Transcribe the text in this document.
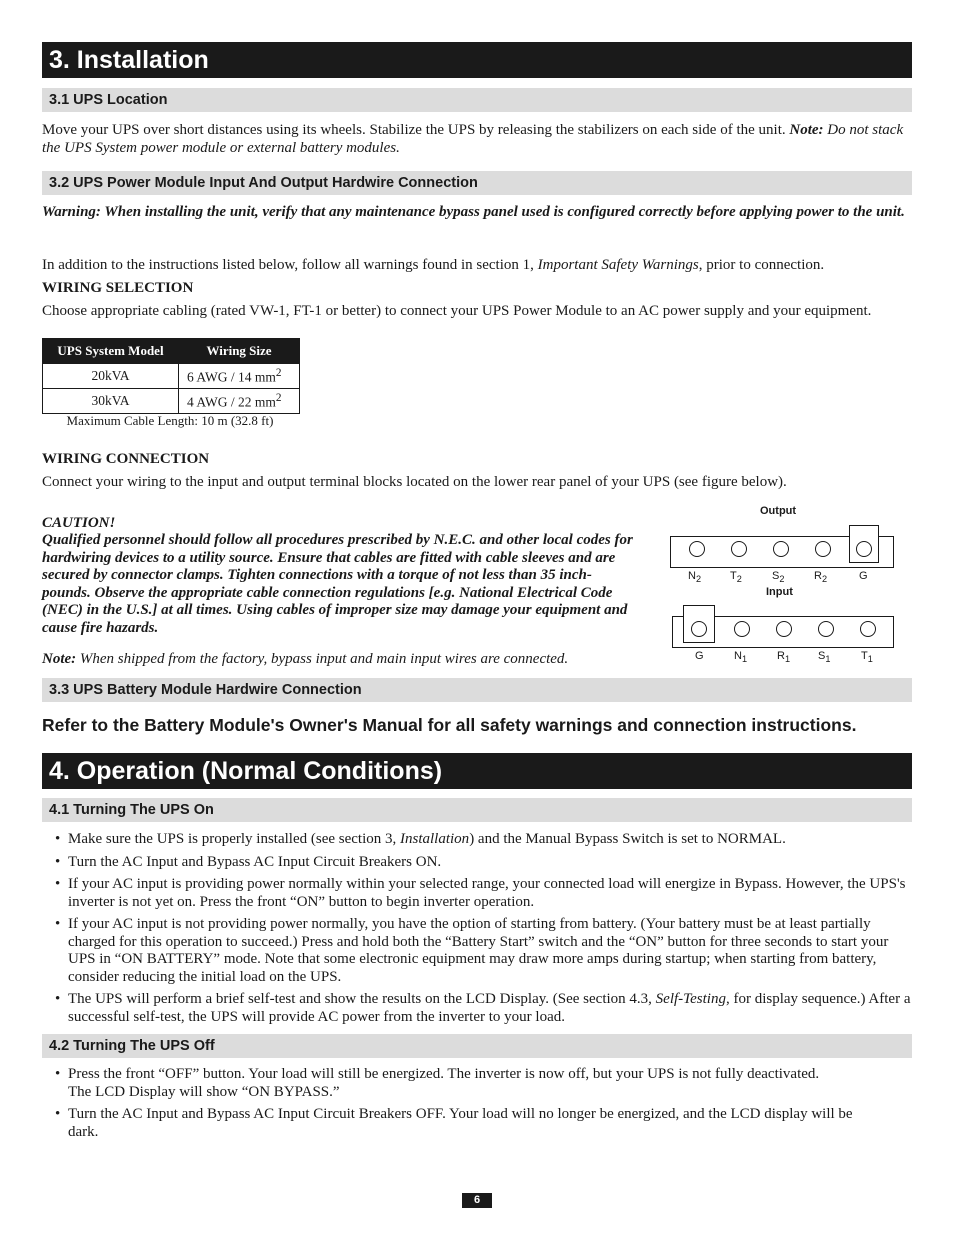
3. Installation
3.1 UPS Location
Move your UPS over short distances using its wheels. Stabilize the UPS by releasing the stabilizers on each side of the unit. Note: Do not stack the UPS System power module or external battery modules.
3.2 UPS Power Module Input And Output Hardwire Connection
Warning: When installing the unit, verify that any maintenance bypass panel used is configured correctly before applying power to the unit.
In addition to the instructions listed below, follow all warnings found in section 1, Important Safety Warnings, prior to connection.
WIRING SELECTION
Choose appropriate cabling (rated VW-1, FT-1 or better) to connect your UPS Power Module to an AC power supply and your equipment.
UPS System Model	Wiring Size
20kVA	6 AWG / 14 $mm^2$
30kVA	4 AWG / 22 $mm^2$
Maximum Cable Length: 10 m (32.8 ft)
WIRING CONNECTION
Connect your wiring to the input and output terminal blocks located on the lower rear panel of your UPS (see figure below).
CAUTION!
Qualified personnel should follow all procedures prescribed by N.E.C. and other local codes for hardwiring devices to a utility source. Ensure that cables are fitted with cable sleeves and are secured by connector clamps. Tighten connections with a torque of not less than 35 inch-pounds. Observe the appropriate cable connection regulations [e.g. National Electrical Code (NEC) in the U.S.] at all times. Using cables of improper size may damage your equipment and cause fire hazards.
Note: When shipped from the factory, bypass input and main input wires are connected.
Output
$N_2$	$T_2$	$S_2$	$R_2$	G
Input
G	$N_1$	$R_1$	$S_1$	$T_1$
3.3 UPS Battery Module Hardwire Connection
Refer to the Battery Module's Owner's Manual for all safety warnings and connection instructions.
4. Operation (Normal Conditions)
4.1 Turning The UPS On
• Make sure the UPS is properly installed (see section 3, Installation) and the Manual Bypass Switch is set to NORMAL.
• Turn the AC Input and Bypass AC Input Circuit Breakers ON.
• If your AC input is providing power normally within your selected range, your connected load will energize in Bypass. However, the UPS's inverter is not yet on. Press the front “ON” button to begin inverter operation.
• If your AC input is not providing power normally, you have the option of starting from battery. (Your battery must be at least partially charged for this operation to succeed.) Press and hold both the “Battery Start” switch and the “ON” button for three seconds to start your UPS in “ON BATTERY” mode. Note that some electronic equipment may draw more amps during startup; when starting from battery, consider reducing the initial load on the UPS.
• The UPS will perform a brief self-test and show the results on the LCD Display. (See section 4.3, Self-Testing, for display sequence.) After a successful self-test, the UPS will provide AC power from the inverter to your load.
4.2 Turning The UPS Off
• Press the front “OFF” button. Your load will still be energized. The inverter is now off, but your UPS is not fully deactivated. The LCD Display will show “ON BYPASS.”
• Turn the AC Input and Bypass AC Input Circuit Breakers OFF. Your load will no longer be energized, and the LCD display will be dark.
6
